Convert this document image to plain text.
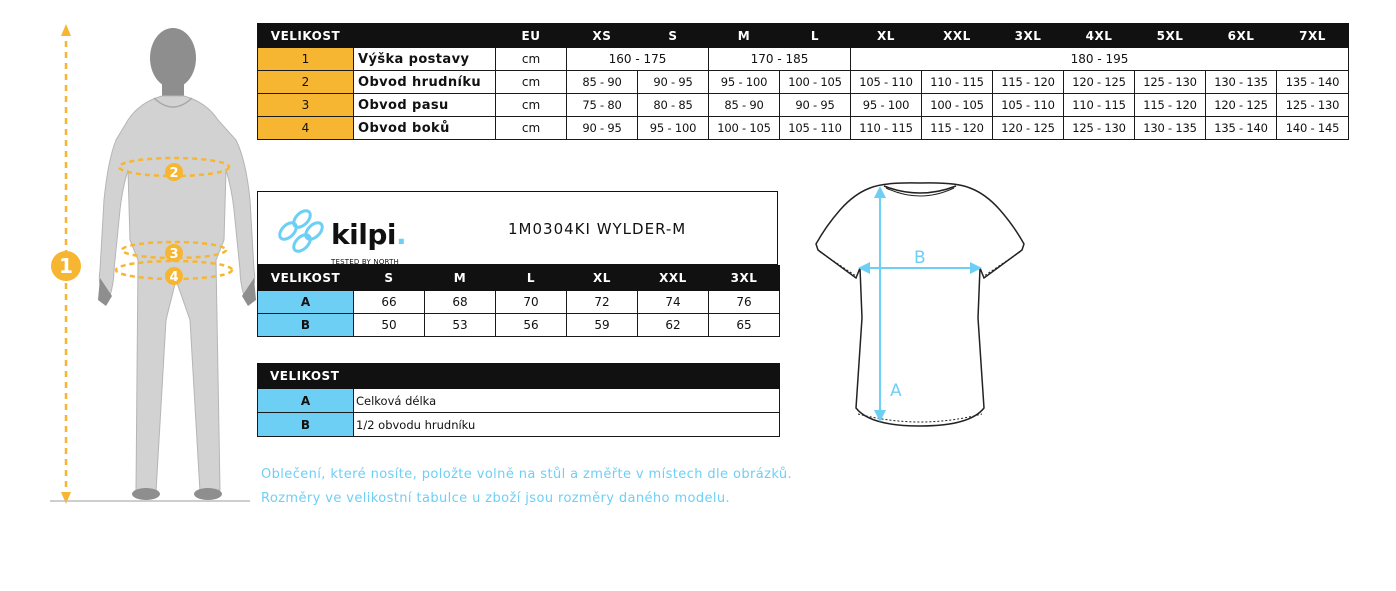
1
2
3
4
VELIKOST		EU	XS	S	M	L	XL	XXL	3XL	4XL	5XL	6XL	7XL
1	Výška postavy	cm	160 - 175		170 - 185		180 - 195						
2	Obvod hrudníku	cm	85 - 90	90 - 95	95 - 100	100 - 105	105 - 110	110 - 115	115 - 120	120 - 125	125 - 130	130 - 135	135 - 140
3	Obvod pasu	cm	75 - 80	80 - 85	85 - 90	90 - 95	95 - 100	100 - 105	105 - 110	110 - 115	115 - 120	120 - 125	125 - 130
4	Obvod boků	cm	90 - 95	95 - 100	100 - 105	105 - 110	110 - 115	115 - 120	120 - 125	125 - 130	130 - 135	135 - 140	140 - 145
kilpi.
TESTED BY NORTH
1M0304KI WYLDER-M
VELIKOST	S	M	L	XL	XXL	3XL
A	66	68	70	72	74	76
B	50	53	56	59	62	65
VELIKOST	
A	Celková délka
B	1/2 obvodu hrudníku
A
B
Oblečení, které nosíte, položte volně na stůl a změřte v místech dle obrázků.
Rozměry ve velikostní tabulce u zboží jsou rozměry daného modelu.
